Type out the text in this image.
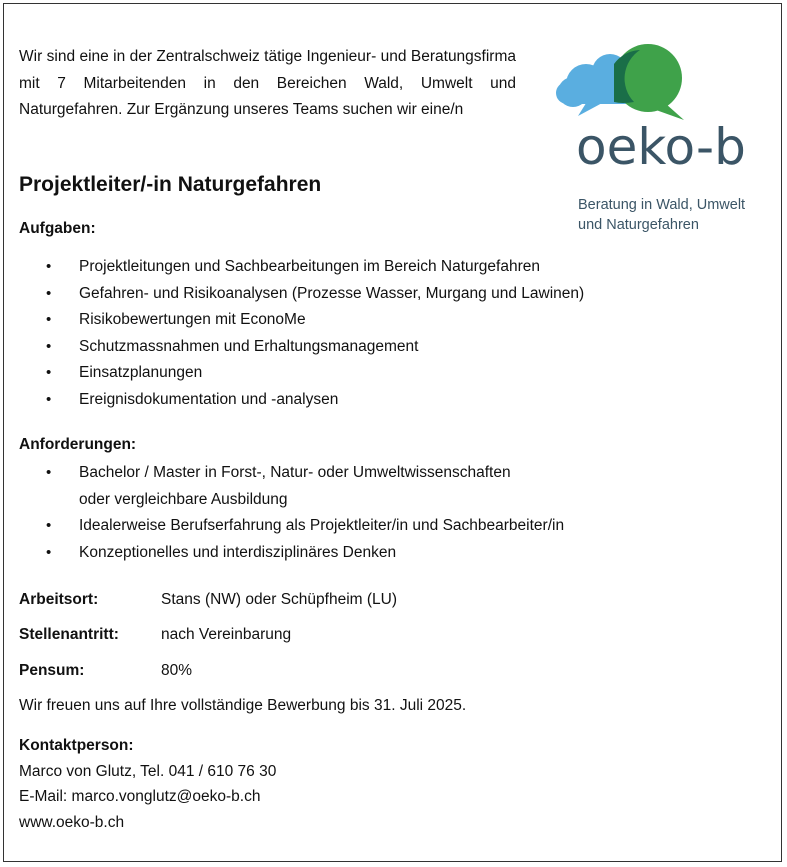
Wir sind eine in der Zentralschweiz tätige Ingenieur- und Beratungsfirma mit 7 Mitarbeitenden in den Bereichen Wald, Umwelt und Naturgefahren. Zur Ergänzung unseres Teams suchen wir eine/n

oeko-b
Beratung in Wald, Umwelt
und Naturgefahren
Projektleiter/-in Naturgefahren
Aufgaben:
• Projektleitungen und Sachbearbeitungen im Bereich Naturgefahren
• Gefahren- und Risikoanalysen (Prozesse Wasser, Murgang und Lawinen)
• Risikobewertungen mit EconoMe
• Schutzmassnahmen und Erhaltungsmanagement
• Einsatzplanungen
• Ereignisdokumentation und -analysen
Anforderungen:
• Bachelor / Master in Forst-, Natur- oder Umweltwissenschaften
oder vergleichbare Ausbildung
• Idealerweise Berufserfahrung als Projektleiter/in und Sachbearbeiter/in
• Konzeptionelles und interdisziplinäres Denken
Arbeitsort:	Stans (NW) oder Schüpfheim (LU)
Stellenantritt:	nach Vereinbarung
Pensum:	80%
Wir freuen uns auf Ihre vollständige Bewerbung bis 31. Juli 2025.
Kontaktperson:
Marco von Glutz, Tel. 041 / 610 76 30
E-Mail: marco.vonglutz@oeko-b.ch
www.oeko-b.ch
